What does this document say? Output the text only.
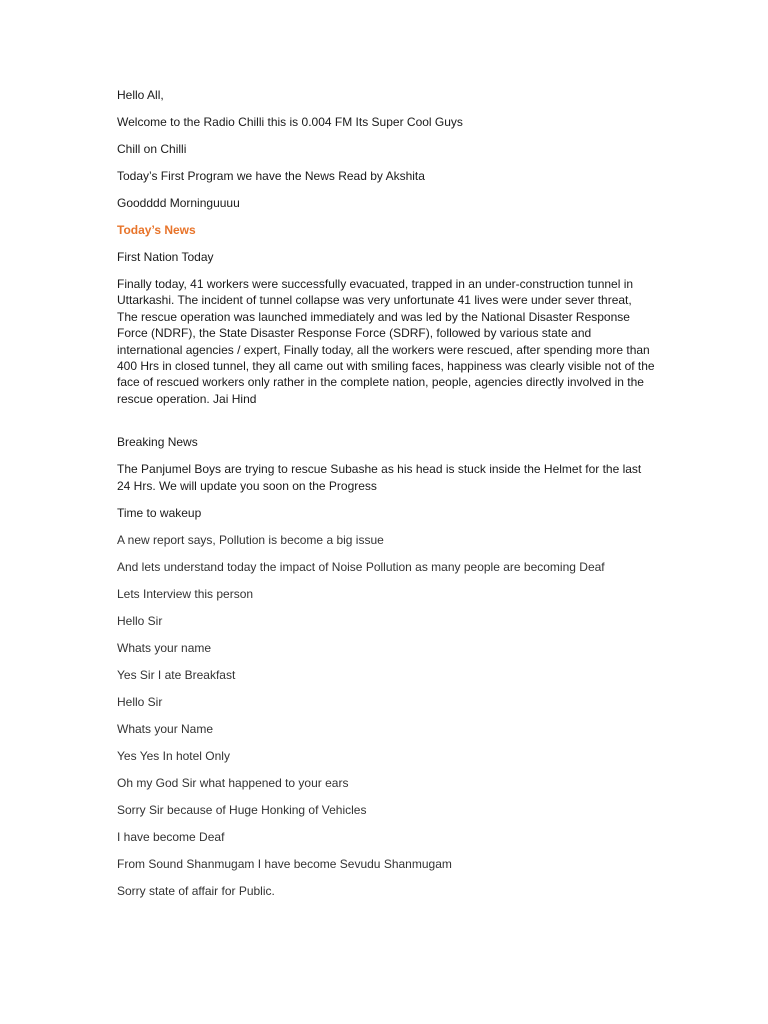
Hello All,

Welcome to the Radio Chilli this is 0.004 FM Its Super Cool Guys

Chill on Chilli

Today’s First Program we have the News Read by Akshita

Goodddd Morninguuuu

Today’s News

First Nation Today

Finally today, 41 workers were successfully evacuated, trapped in an under-construction tunnel in Uttarkashi. The incident of tunnel collapse was very unfortunate 41 lives were under sever threat,

The rescue operation was launched immediately and was led by the National Disaster Response Force (NDRF), the State Disaster Response Force (SDRF), followed by various state and international agencies / expert, Finally today, all the workers were rescued, after spending more than 400 Hrs in closed tunnel, they all came out with smiling faces, happiness was clearly visible not of the face of rescued workers only rather in the complete nation, people, agencies directly involved in the rescue operation. Jai Hind

Breaking News

The Panjumel Boys are trying to rescue Subashe as his head is stuck inside the Helmet for the last 24 Hrs. We will update you soon on the Progress

Time to wakeup

A new report says, Pollution is become a big issue

And lets understand today the impact of Noise Pollution as many people are becoming Deaf

Lets Interview this person

Hello Sir

Whats your name

Yes Sir I ate Breakfast

Hello Sir

Whats your Name

Yes Yes In hotel Only

Oh my God Sir what happened to your ears

Sorry Sir because of Huge Honking of Vehicles

I have become Deaf

From Sound Shanmugam I have become Sevudu Shanmugam

Sorry state of affair for Public.
